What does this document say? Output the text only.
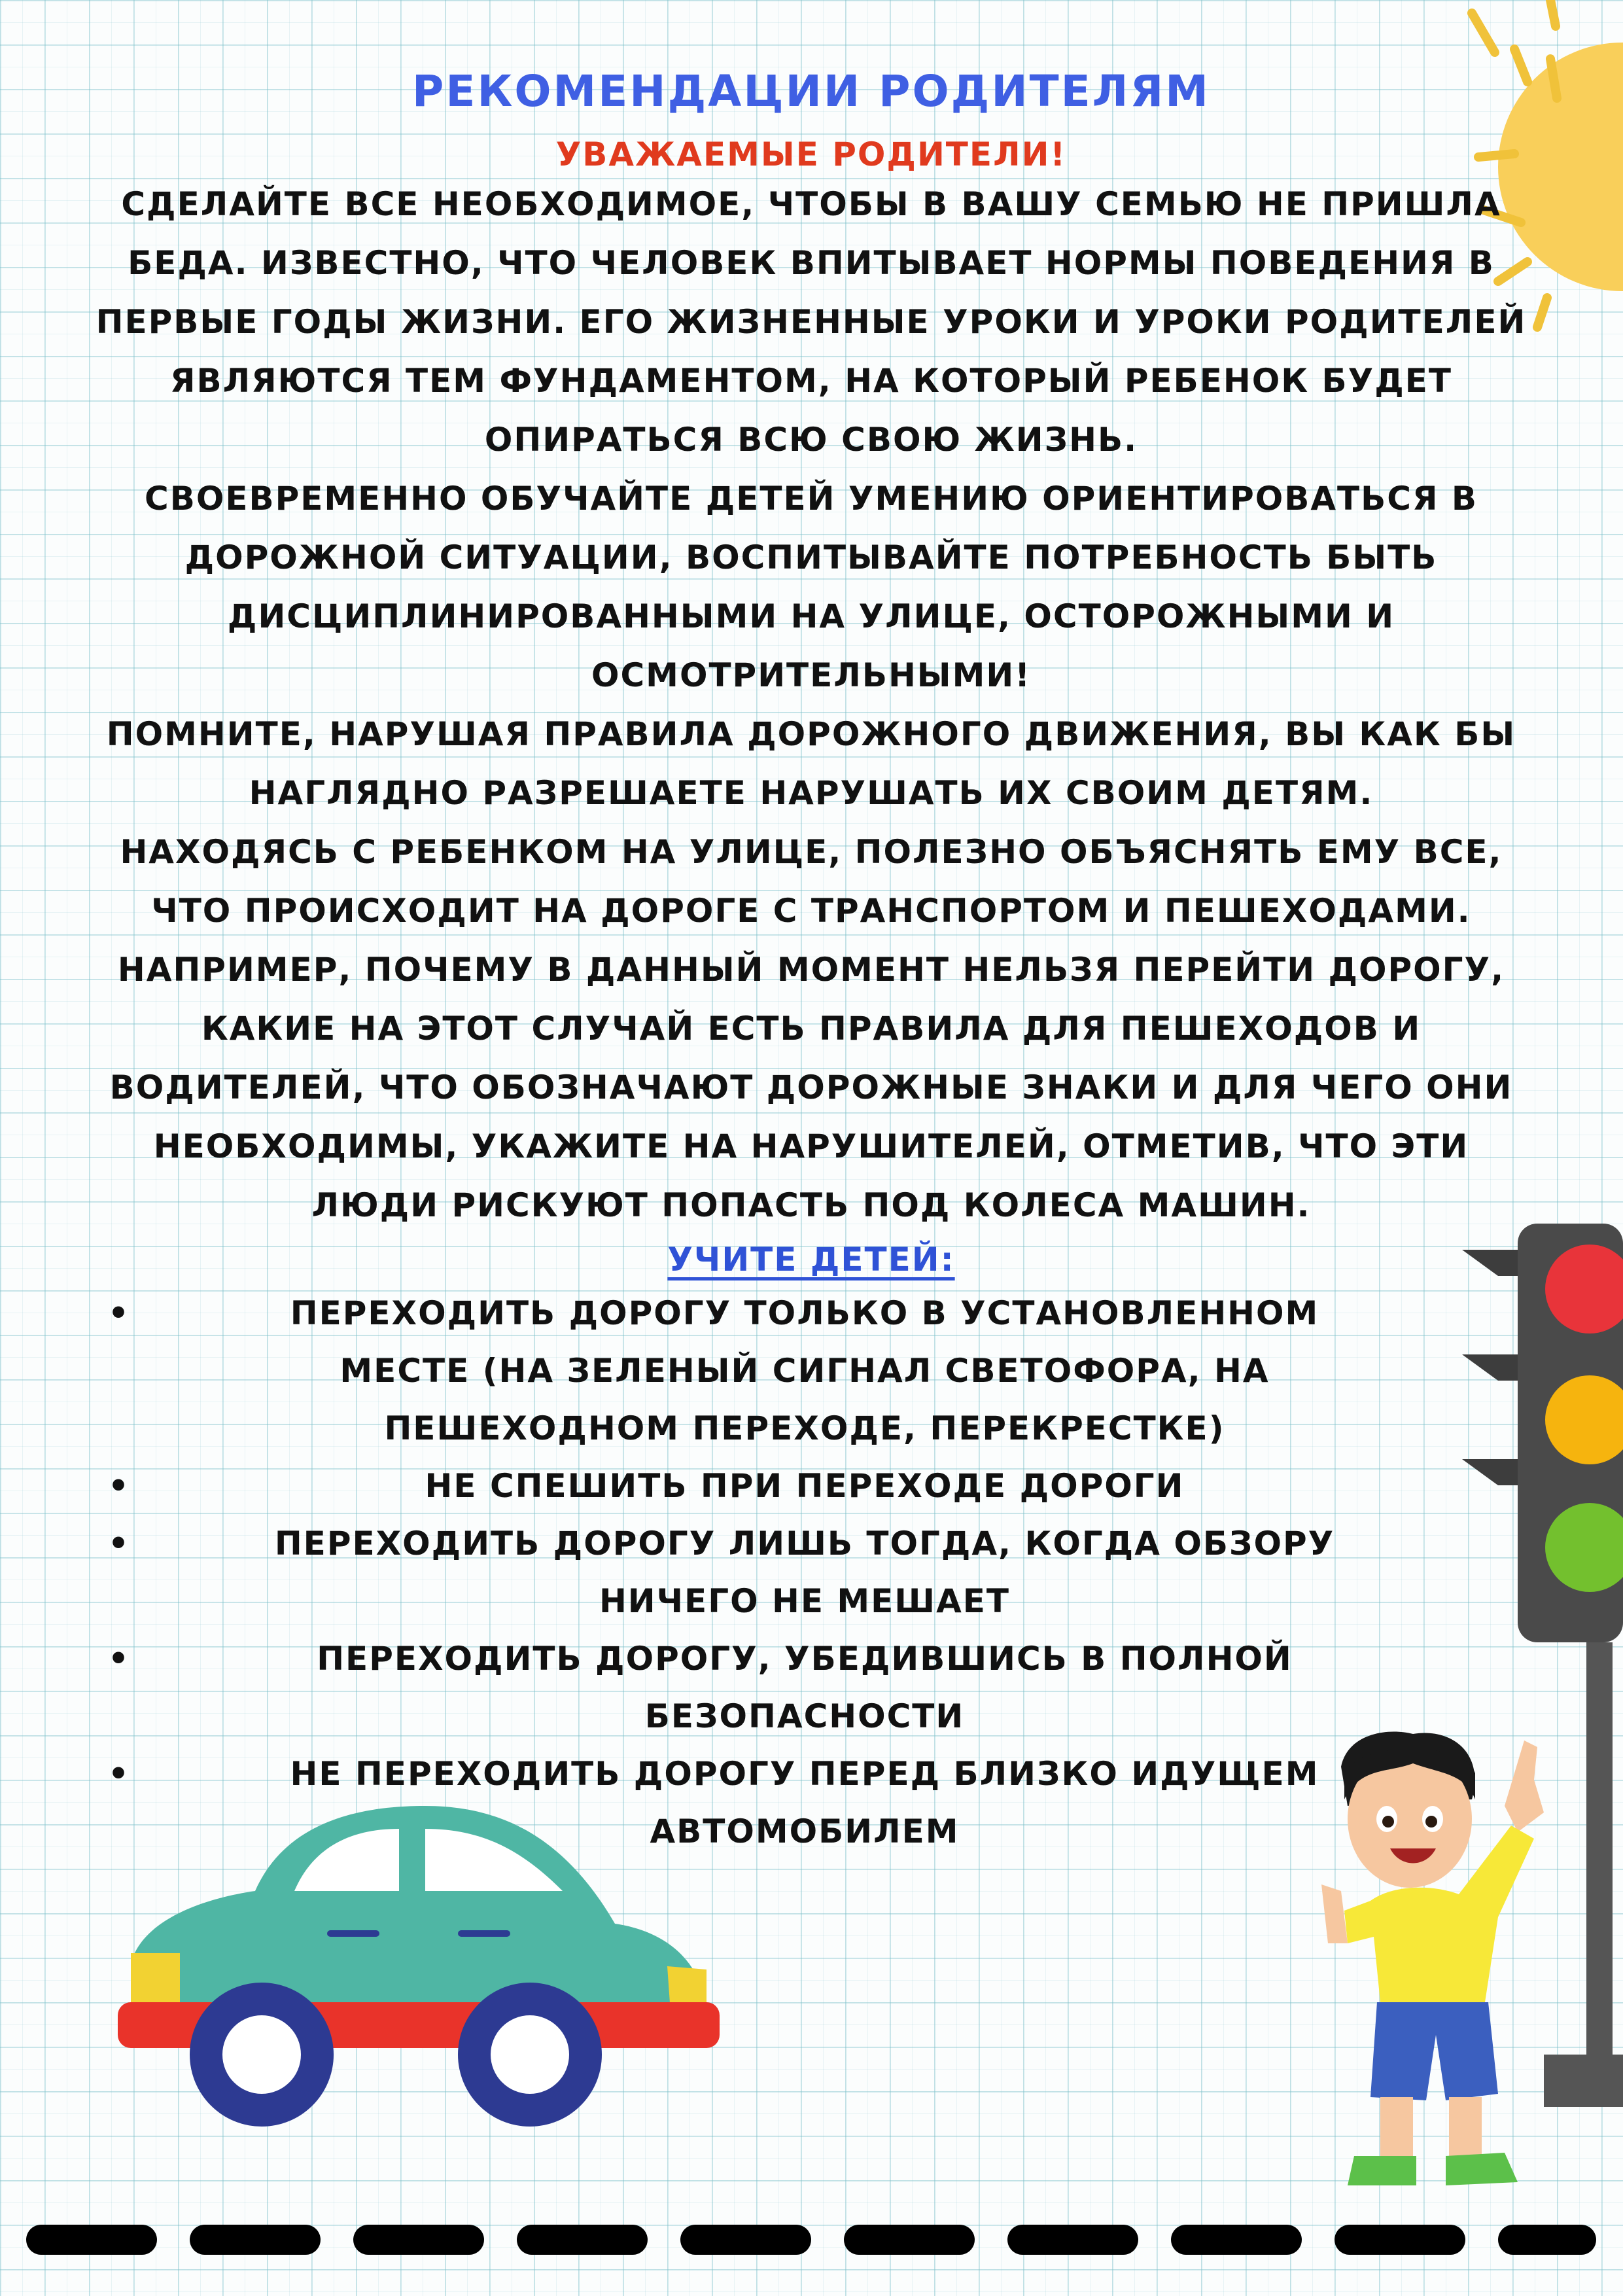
РЕКОМЕНДАЦИИ РОДИТЕЛЯМ

УВАЖАЕМЫЕ РОДИТЕЛИ!

СДЕЛАЙТЕ ВСЕ НЕОБХОДИМОЕ, ЧТОБЫ В ВАШУ СЕМЬЮ НЕ ПРИШЛА БЕДА. ИЗВЕСТНО, ЧТО ЧЕЛОВЕК ВПИТЫВАЕТ НОРМЫ ПОВЕДЕНИЯ В ПЕРВЫЕ ГОДЫ ЖИЗНИ. ЕГО ЖИЗНЕННЫЕ УРОКИ И УРОКИ РОДИТЕЛЕЙ ЯВЛЯЮТСЯ ТЕМ ФУНДАМЕНТОМ, НА КОТОРЫЙ РЕБЕНОК БУДЕТ ОПИРАТЬСЯ ВСЮ СВОЮ ЖИЗНЬ.

СВОЕВРЕМЕННО ОБУЧАЙТЕ ДЕТЕЙ УМЕНИЮ ОРИЕНТИРОВАТЬСЯ В ДОРОЖНОЙ СИТУАЦИИ, ВОСПИТЫВАЙТЕ ПОТРЕБНОСТЬ БЫТЬ ДИСЦИПЛИНИРОВАННЫМИ НА УЛИЦЕ, ОСТОРОЖНЫМИ И ОСМОТРИТЕЛЬНЫМИ!

ПОМНИТЕ, НАРУШАЯ ПРАВИЛА ДОРОЖНОГО ДВИЖЕНИЯ, ВЫ КАК БЫ НАГЛЯДНО РАЗРЕШАЕТЕ НАРУШАТЬ ИХ СВОИМ ДЕТЯМ.

НАХОДЯСЬ С РЕБЕНКОМ НА УЛИЦЕ, ПОЛЕЗНО ОБЪЯСНЯТЬ ЕМУ ВСЕ, ЧТО ПРОИСХОДИТ НА ДОРОГЕ С ТРАНСПОРТОМ И ПЕШЕХОДАМИ. НАПРИМЕР, ПОЧЕМУ В ДАННЫЙ МОМЕНТ НЕЛЬЗЯ ПЕРЕЙТИ ДОРОГУ, КАКИЕ НА ЭТОТ СЛУЧАЙ ЕСТЬ ПРАВИЛА ДЛЯ ПЕШЕХОДОВ И ВОДИТЕЛЕЙ, ЧТО ОБОЗНАЧАЮТ ДОРОЖНЫЕ ЗНАКИ И ДЛЯ ЧЕГО ОНИ НЕОБХОДИМЫ, УКАЖИТЕ НА НАРУШИТЕЛЕЙ, ОТМЕТИВ, ЧТО ЭТИ ЛЮДИ РИСКУЮТ ПОПАСТЬ ПОД КОЛЕСА МАШИН.

УЧИТЕ ДЕТЕЙ:

•	ПЕРЕХОДИТЬ ДОРОГУ ТОЛЬКО В УСТАНОВЛЕННОМ МЕСТЕ (НА ЗЕЛЕНЫЙ СИГНАЛ СВЕТОФОРА, НА ПЕШЕХОДНОМ ПЕРЕХОДЕ, ПЕРЕКРЕСТКЕ)
•	НЕ СПЕШИТЬ ПРИ ПЕРЕХОДЕ ДОРОГИ
•	ПЕРЕХОДИТЬ ДОРОГУ ЛИШЬ ТОГДА, КОГДА ОБЗОРУ НИЧЕГО НЕ МЕШАЕТ
•	ПЕРЕХОДИТЬ ДОРОГУ, УБЕДИВШИСЬ В ПОЛНОЙ БЕЗОПАСНОСТИ
•	НЕ ПЕРЕХОДИТЬ ДОРОГУ ПЕРЕД БЛИЗКО ИДУЩЕМ АВТОМОБИЛЕМ
